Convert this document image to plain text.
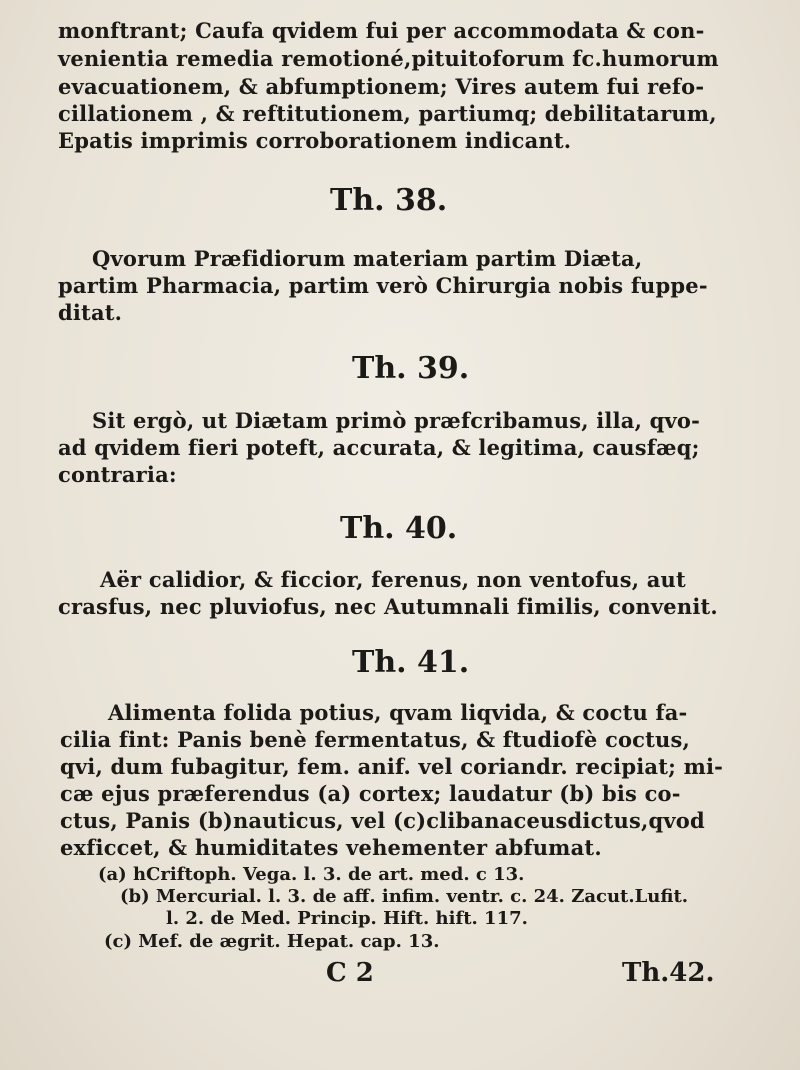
monftrant; Caufa qvidem fui per accommodata & con-
venientia remedia remotioné,pituitoforum fc.humorum
evacuationem, & abfumptionem; Vires autem fui refo-
cillationem , & reftitutionem, partiumq; debilitatarum,
Epatis imprimis corroborationem indicant.
Th. 38.
Qvorum Præfidiorum materiam partim Diæta,
partim Pharmacia, partim verò Chirurgia nobis fuppe-
ditat.
Th. 39.
Sit ergò, ut Diætam primò præfcribamus, illa, qvo-
ad qvidem fieri poteft, accurata, & legitima, causfæq;
contraria:
Th. 40.
Aër calidior, & ficcior, ferenus, non ventofus, aut
crasfus, nec pluviofus, nec Autumnali fimilis, convenit.
Th. 41.
Alimenta folida potius, qvam liqvida, & coctu fa-
cilia fint: Panis benè fermentatus, & ftudiofè coctus,
qvi, dum fubagitur, fem. anif. vel coriandr. recipiat; mi-
cæ ejus præferendus (a) cortex; laudatur (b) bis co-
ctus, Panis (b)nauticus, vel (c)clibanaceusdictus,qvod
exficcet, & humiditates vehementer abfumat.
(a) hCriftoph. Vega. l. 3. de art. med. c 13.
(b) Mercurial. l. 3. de aff. infim. ventr. c. 24. Zacut.Lufit.
l. 2. de Med. Princip. Hift. hift. 117.
(c) Mef. de ægrit. Hepat. cap. 13.
C 2	Th.42.
